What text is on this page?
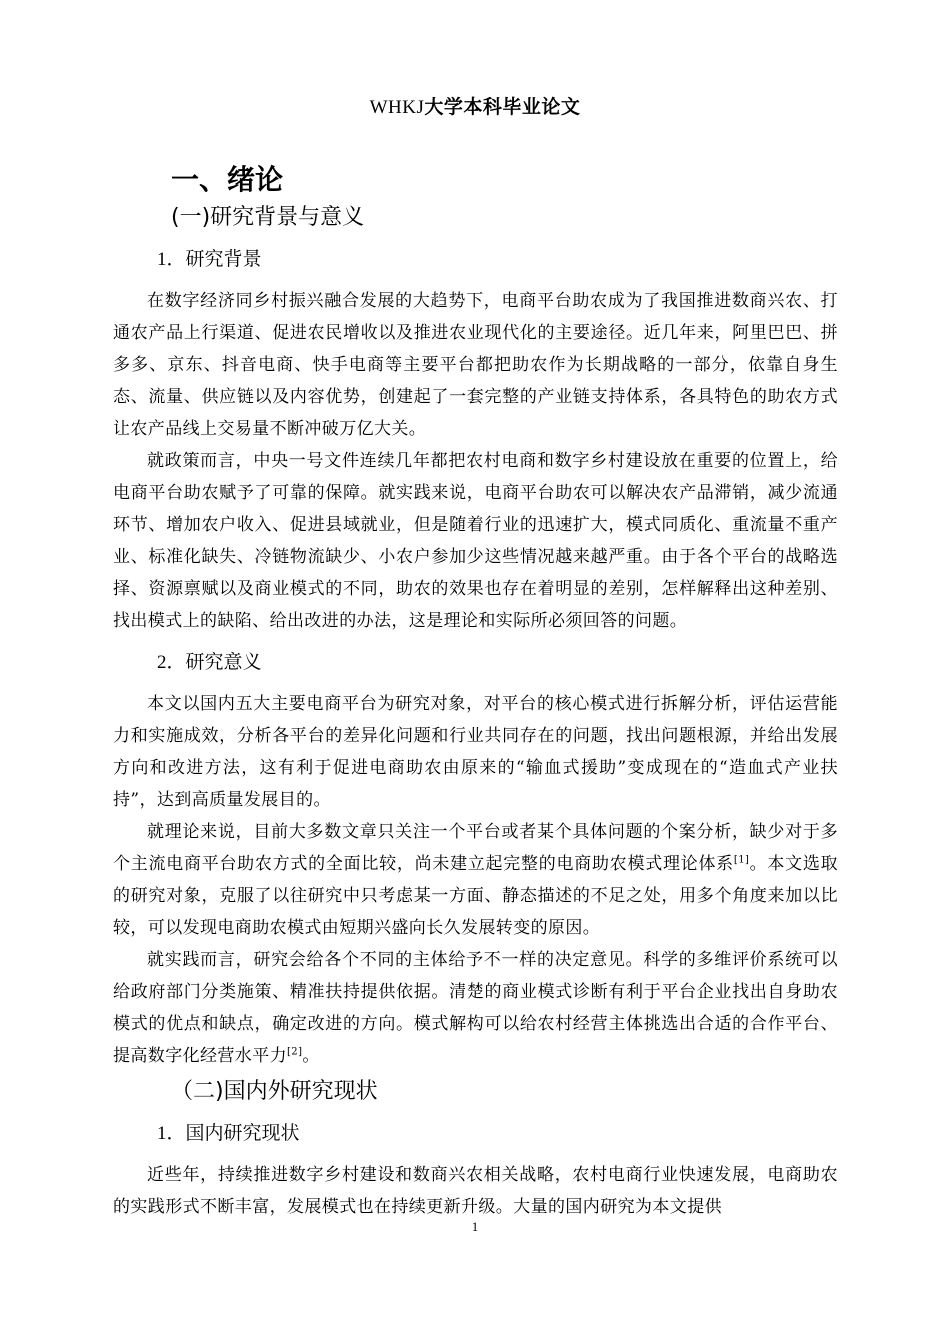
WHKJ大学本科毕业论文
一、绪论
(一)研究背景与意义
1．研究背景

在数字经济同乡村振兴融合发展的大趋势下，电商平台助农成为了我国推进数商兴农、打通农产品上行渠道、促进农民增收以及推进农业现代化的主要途径。近几年来，阿里巴巴、拼多多、京东、抖音电商、快手电商等主要平台都把助农作为长期战略的一部分，依靠自身生态、流量、供应链以及内容优势，创建起了一套完整的产业链支持体系，各具特色的助农方式让农产品线上交易量不断冲破万亿大关。

就政策而言，中央一号文件连续几年都把农村电商和数字乡村建设放在重要的位置上，给电商平台助农赋予了可靠的保障。就实践来说，电商平台助农可以解决农产品滞销，减少流通环节、增加农户收入、促进县域就业，但是随着行业的迅速扩大，模式同质化、重流量不重产业、标准化缺失、冷链物流缺少、小农户参加少这些情况越来越严重。由于各个平台的战略选择、资源禀赋以及商业模式的不同，助农的效果也存在着明显的差别，怎样解释出这种差别、找出模式上的缺陷、给出改进的办法，这是理论和实际所必须回答的问题。

2．研究意义

本文以国内五大主要电商平台为研究对象，对平台的核心模式进行拆解分析，评估运营能力和实施成效，分析各平台的差异化问题和行业共同存在的问题，找出问题根源，并给出发展方向和改进方法，这有利于促进电商助农由原来的“输血式援助”变成现在的“造血式产业扶持”，达到高质量发展目的。

就理论来说，目前大多数文章只关注一个平台或者某个具体问题的个案分析，缺少对于多个主流电商平台助农方式的全面比较，尚未建立起完整的电商助农模式理论体系[1]。本文选取的研究对象，克服了以往研究中只考虑某一方面、静态描述的不足之处，用多个角度来加以比较，可以发现电商助农模式由短期兴盛向长久发展转变的原因。

就实践而言，研究会给各个不同的主体给予不一样的决定意见。科学的多维评价系统可以给政府部门分类施策、精准扶持提供依据。清楚的商业模式诊断有利于平台企业找出自身助农模式的优点和缺点，确定改进的方向。模式解构可以给农村经营主体挑选出合适的合作平台、提高数字化经营水平力[2]。

（二)国内外研究现状
1．国内研究现状

近些年，持续推进数字乡村建设和数商兴农相关战略，农村电商行业快速发展，电商助农的实践形式不断丰富，发展模式也在持续更新升级。大量的国内研究为本文提供

1
